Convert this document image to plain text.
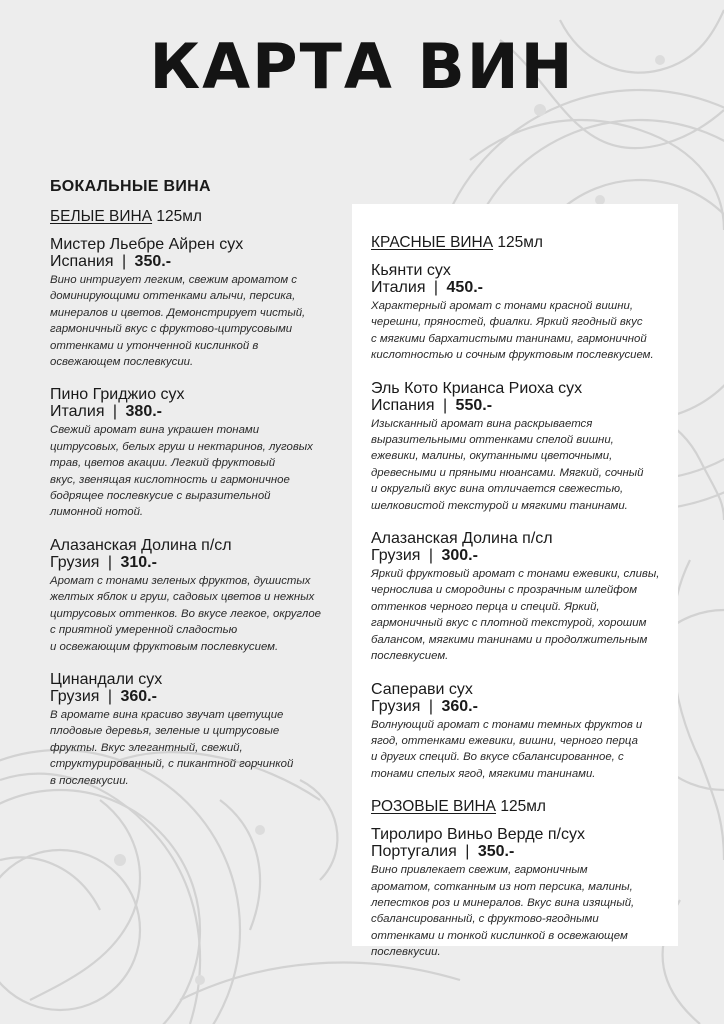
КАРТА ВИН
БОКАЛЬНЫЕ ВИНА
БЕЛЫЕ ВИНА 125мл
Мистер Льебре Айрен сух
Испания | 350.-
Вино интригует легким, свежим ароматом с
доминирующими оттенками алычи, персика,
минералов и цветов. Демонстрирует чистый,
гармоничный вкус с фруктово-цитрусовыми
оттенками и утонченной кислинкой в
освежающем послевкусии.
Пино Гриджио сух
Италия | 380.-
Свежий аромат вина украшен тонами
цитрусовых, белых груш и нектаринов, луговых
трав, цветов акации. Легкий фруктовый
вкус, звенящая кислотность и гармоничное
бодрящее послевкусие с выразительной
лимонной нотой.
Алазанская Долина п/сл
Грузия | 310.-
Аромат с тонами зеленых фруктов, душистых
желтых яблок и груш, садовых цветов и нежных
цитрусовых оттенков. Во вкусе легкое, округлое
с приятной умеренной сладостью
и освежающим фруктовым послевкусием.
Цинандали сух
Грузия | 360.-
В аромате вина красиво звучат цветущие
плодовые деревья, зеленые и цитрусовые
фрукты. Вкус элегантный, свежий,
структурированный, с пикантной горчинкой
в послевкусии.
КРАСНЫЕ ВИНА 125мл
Кьянти сух
Италия | 450.-
Характерный аромат с тонами красной вишни,
черешни, пряностей, фиалки. Яркий ягодный вкус
с мягкими бархатистыми танинами, гармоничной
кислотностью и сочным фруктовым послевкусием.
Эль Кото Крианса Риоха сух
Испания | 550.-
Изысканный аромат вина раскрывается
выразительными оттенками спелой вишни,
ежевики, малины, окутанными цветочными,
древесными и пряными нюансами. Мягкий, сочный
и округлый вкус вина отличается свежестью,
шелковистой текстурой и мягкими танинами.
Алазанская Долина п/сл
Грузия | 300.-
Яркий фруктовый аромат с тонами ежевики, сливы,
чернослива и смородины с прозрачным шлейфом
оттенков черного перца и специй. Яркий,
гармоничный вкус с плотной текстурой, хорошим
балансом, мягкими танинами и продолжительным
послевкусием.
Саперави сух
Грузия | 360.-
Волнующий аромат с тонами темных фруктов и
ягод, оттенками ежевики, вишни, черного перца
и других специй. Во вкусе сбалансированное, с
тонами спелых ягод, мягкими танинами.
РОЗОВЫЕ ВИНА 125мл
Тиролиро Виньо Верде п/сух
Португалия | 350.-
Вино привлекает свежим, гармоничным
ароматом, сотканным из нот персика, малины,
лепестков роз и минералов. Вкус вина изящный,
сбалансированный, с фруктово-ягодными
оттенками и тонкой кислинкой в освежающем
послевкусии.
